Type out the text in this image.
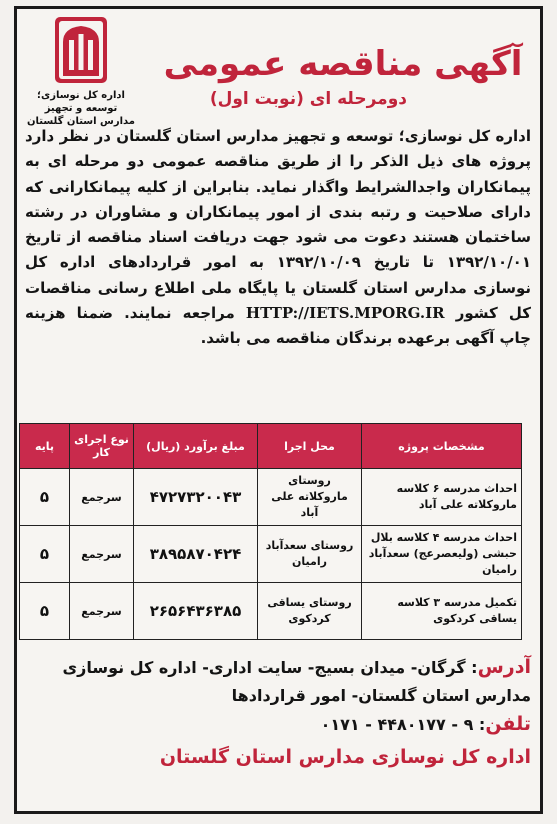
اداره کل نوسازی؛ توسعه و تجهیز
مدارس استان گلستان
آگهی مناقصه عمومی
دومرحله ای (نوبت اول)
اداره کل نوسازی؛ توسعه و تجهیز مدارس استان گلستان در نظر دارد پروژه های ذیل الذکر را از طریق مناقصه عمومی دو مرحله ای به پیمانکاران واجدالشرایط واگذار نماید. بنابراین از کلیه پیمانکارانی که دارای صلاحیت و رتبه بندی از امور پیمانکاران و مشاوران در رشته ساختمان هستند دعوت می شود جهت دریافت اسناد مناقصه از تاریخ ۱۳۹۲/۱۰/۰۱ تا تاریخ ۱۳۹۲/۱۰/۰۹ به امور قراردادهای اداره کل نوسازی مدارس استان گلستان یا پایگاه ملی اطلاع رسانی مناقصات کل کشور HTTP://IETS.MPORG.IR مراجعه نمایند. ضمنا هزینه چاپ آگهی برعهده برندگان مناقصه می باشد.
مشخصات پروژه	محل اجرا	مبلغ برآورد (ریال)	نوع اجرای کار	پایه
احداث مدرسه ۶ کلاسه ماروکلاته علی آباد	روستای ماروکلاته علی آباد	۴۷۲۷۳۲۰۰۴۳	سرجمع	۵
احداث مدرسه ۴ کلاسه بلال حبشی (ولیعصرعج) سعدآباد رامیان	روستای سعدآباد رامیان	۳۸۹۵۸۷۰۴۲۴	سرجمع	۵
تکمیل مدرسه ۳ کلاسه یساقی کردکوی	روستای یساقی کردکوی	۲۶۵۶۴۳۶۳۸۵	سرجمع	۵
آدرس: گرگان- میدان بسیج- سایت اداری- اداره کل نوسازی مدارس استان گلستان- امور قراردادها
تلفن: ۹ - ۴۴۸۰۱۷۷ - ۰۱۷۱
اداره کل نوسازی مدارس استان گلستان
